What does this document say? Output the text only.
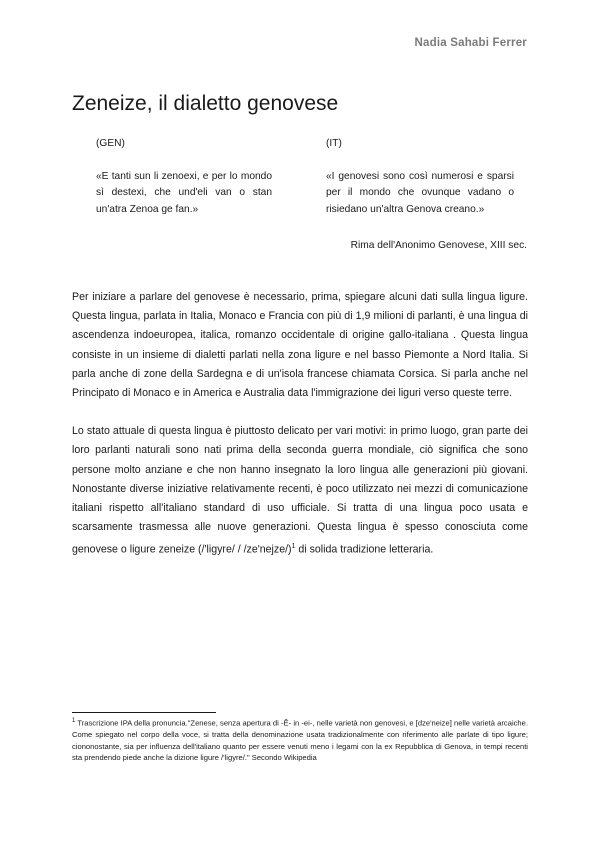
Nadia Sahabi Ferrer
Zeneize, il dialetto genovese
(GEN)
«E tanti sun li zenoexi, e per lo mondo sì destexi, che und'eli van o stan un'atra Zenoa ge fan.»
(IT)
«I genovesi sono così numerosi e sparsi per il mondo che ovunque vadano o risiedano un'altra Genova creano.»
Rima dell'Anonimo Genovese, XIII sec.

Per iniziare a parlare del genovese è necessario, prima, spiegare alcuni dati sulla lingua ligure. Questa lingua, parlata in Italia, Monaco e Francia con più di 1,9 milioni di parlanti, è una lingua di ascendenza indoeuropea, italica, romanzo occidentale di origine gallo-italiana . Questa lingua consiste in un insieme di dialetti parlati nella zona ligure e nel basso Piemonte a Nord Italia. Si parla anche di zone della Sardegna e di un'isola francese chiamata Corsica. Si parla anche nel Principato di Monaco e in America e Australia data l'immigrazione dei liguri verso queste terre.

Lo stato attuale di questa lingua è piuttosto delicato per vari motivi: in primo luogo, gran parte dei loro parlanti naturali sono nati prima della seconda guerra mondiale, ciò significa che sono persone molto anziane e che non hanno insegnato la loro lingua alle generazioni più giovani. Nonostante diverse iniziative relativamente recenti, è poco utilizzato nei mezzi di comunicazione italiani rispetto all'italiano standard di uso ufficiale. Si tratta di una lingua poco usata e scarsamente trasmessa alle nuove generazioni. Questa lingua è spesso conosciuta come genovese o ligure zeneize (/'ligyre/ / /ze'nejze/)$^1$ di solida tradizione letteraria.

$^1$ Trascrizione IPA della pronuncia."Zenese, senza apertura di -Ê- in -ei-, nelle varietà non genovesi, e [dze'neize] nelle varietà arcaiche. Come spiegato nel corpo della voce, si tratta della denominazione usata tradizionalmente con riferimento alle parlate di tipo ligure; ciononostante, sia per influenza dell'italiano quanto per essere venuti meno i legami con la ex Repubblica di Genova, in tempi recenti sta prendendo piede anche la dizione ligure /'ligyre/." Secondo Wikipedia
